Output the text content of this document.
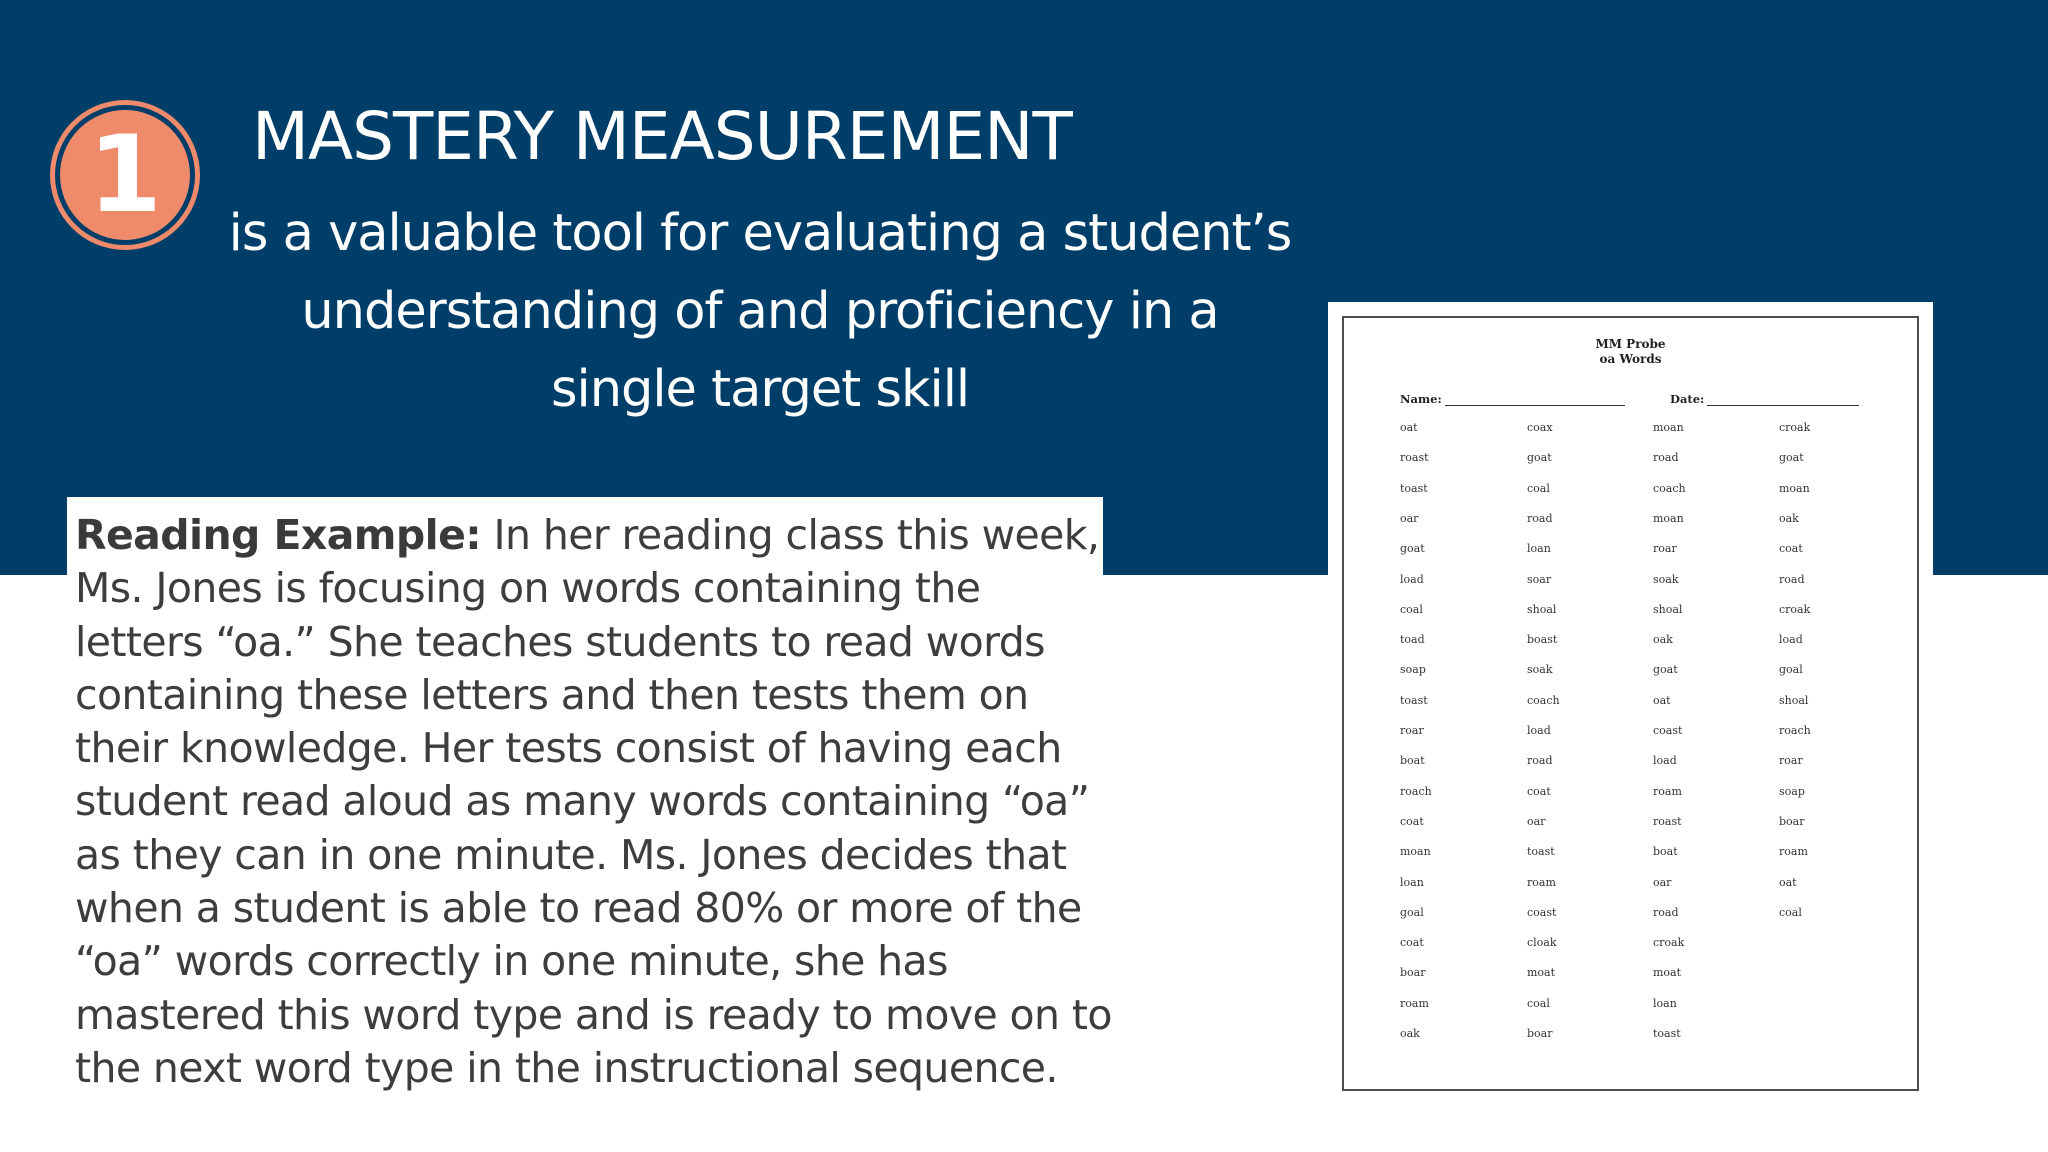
1 MASTERY MEASUREMENT
is a valuable tool for evaluating a student’s
understanding of and proficiency in a
single target skill

Reading Example: In her reading class this week, Ms. Jones is focusing on words containing the letters “oa.” She teaches students to read words containing these letters and then tests them on their knowledge. Her tests consist of having each student read aloud as many words containing “oa” as they can in one minute. Ms. Jones decides that when a student is able to read 80% or more of the “oa” words correctly in one minute, she has mastered this word type and is ready to move on to the next word type in the instructional sequence.

MM Probe
oa Words
Name:	Date:
oat
roast
toast
oar
goat
load
coal
toad
soap
toast
roar
boat
roach
coat
moan
loan
goal
coat
boar
roam
oak
coax
goat
coal
road
loan
soar
shoal
boast
soak
coach
load
road
coat
oar
toast
roam
coast
cloak
moat
coal
boar
moan
road
coach
moan
roar
soak
shoal
oak
goat
oat
coast
load
roam
roast
boat
oar
road
croak
moat
loan
toast
croak
goat
moan
oak
coat
road
croak
load
goal
shoal
roach
roar
soap
boar
roam
oat
coal
